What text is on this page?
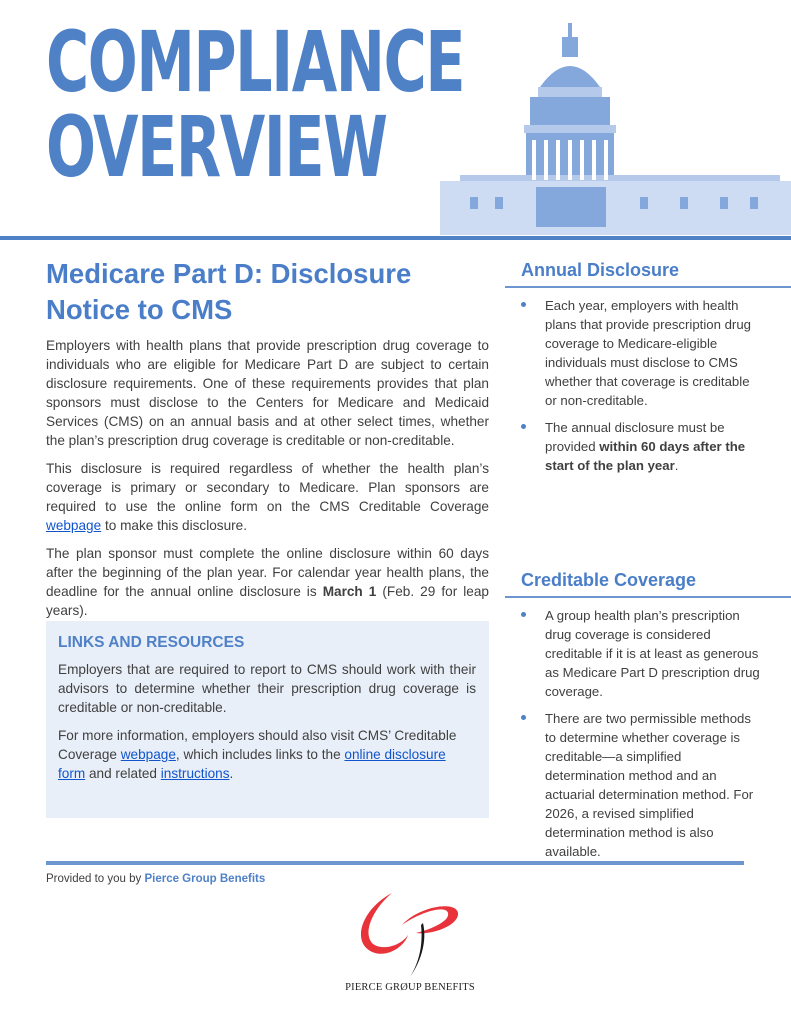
COMPLIANCE
OVERVIEW
Medicare Part D: Disclosure Notice to CMS

Employers with health plans that provide prescription drug coverage to individuals who are eligible for Medicare Part D are subject to certain disclosure requirements. One of these requirements provides that plan sponsors must disclose to the Centers for Medicare and Medicaid Services (CMS) on an annual basis and at other select times, whether the plan’s prescription drug coverage is creditable or non-creditable.

This disclosure is required regardless of whether the health plan’s coverage is primary or secondary to Medicare. Plan sponsors are required to use the online form on the CMS Creditable Coverage webpage to make this disclosure.

The plan sponsor must complete the online disclosure within 60 days after the beginning of the plan year. For calendar year health plans, the deadline for the annual online disclosure is March 1 (Feb. 29 for leap years).

LINKS AND RESOURCES

Employers that are required to report to CMS should work with their advisors to determine whether their prescription drug coverage is creditable or non-creditable.

For more information, employers should also visit CMS’ Creditable Coverage webpage, which includes links to the online disclosure form and related instructions.

Annual Disclosure
Each year, employers with health plans that provide prescription drug coverage to Medicare-eligible individuals must disclose to CMS whether that coverage is creditable or non-creditable.
The annual disclosure must be provided within 60 days after the start of the plan year.
Creditable Coverage
A group health plan’s prescription drug coverage is considered creditable if it is at least as generous as Medicare Part D prescription drug coverage.
There are two permissible methods to determine whether coverage is creditable—a simplified determination method and an actuarial determination method. For 2026, a revised simplified determination method is also available.
Provided to you by Pierce Group Benefits
PIERCE GRØUP BENEFITS
